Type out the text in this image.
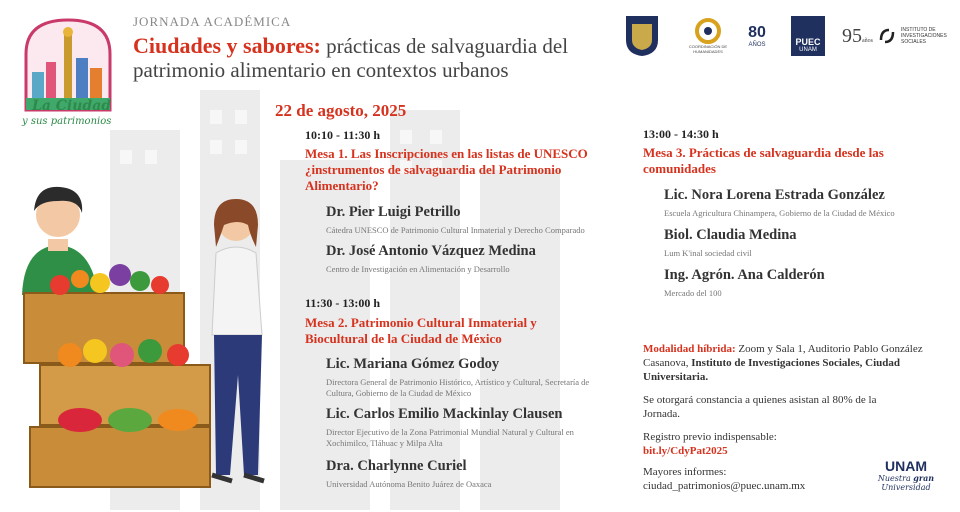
La Ciudad
y sus patrimonios
JORNADA ACADÉMICA
Ciudades y sabores: prácticas de salvaguardia del patrimonio alimentario en contextos urbanos
COORDINACIÓN DE HUMANIDADES
80
AÑOS	PUEC
UNAM
95años
INSTITUTO DE INVESTIGACIONES SOCIALES
22 de agosto, 2025
10:10 - 11:30 h
Mesa 1. Las Inscripciones en las listas de UNESCO ¿instrumentos de salvaguardia del Patrimonio Alimentario?
Dr. Pier Luigi Petrillo
Cátedra UNESCO de Patrimonio Cultural Inmaterial y Derecho Comparado
Dr. José Antonio Vázquez Medina
Centro de Investigación en Alimentación y Desarrollo
11:30 - 13:00 h
Mesa 2. Patrimonio Cultural Inmaterial y Biocultural de la Ciudad de México
Lic. Mariana Gómez Godoy
Directora General de Patrimonio Histórico, Artístico y Cultural, Secretaría de Cultura, Gobierno de la Ciudad de México
Lic. Carlos Emilio Mackinlay Clausen
Director Ejecutivo de la Zona Patrimonial Mundial Natural y Cultural en Xochimilco, Tláhuac y Milpa Alta
Dra. Charlynne Curiel
Universidad Autónoma Benito Juárez de Oaxaca
13:00 - 14:30 h
Mesa 3. Prácticas de salvaguardia desde las comunidades
Lic. Nora Lorena Estrada González
Escuela Agricultura Chinampera, Gobierno de la Ciudad de México
Biol. Claudia Medina
Lum K'inal sociedad civil
Ing. Agrón. Ana Calderón
Mercado del 100
Modalidad híbrida: Zoom y Sala 1, Auditorio Pablo González Casanova, Instituto de Investigaciones Sociales, Ciudad Universitaria.
Se otorgará constancia a quienes asistan al 80% de la Jornada.
Registro previo indispensable:
bit.ly/CdyPat2025
Mayores informes:
ciudad_patrimonios@puec.unam.mx
UNAM
Nuestra gran
Universidad
